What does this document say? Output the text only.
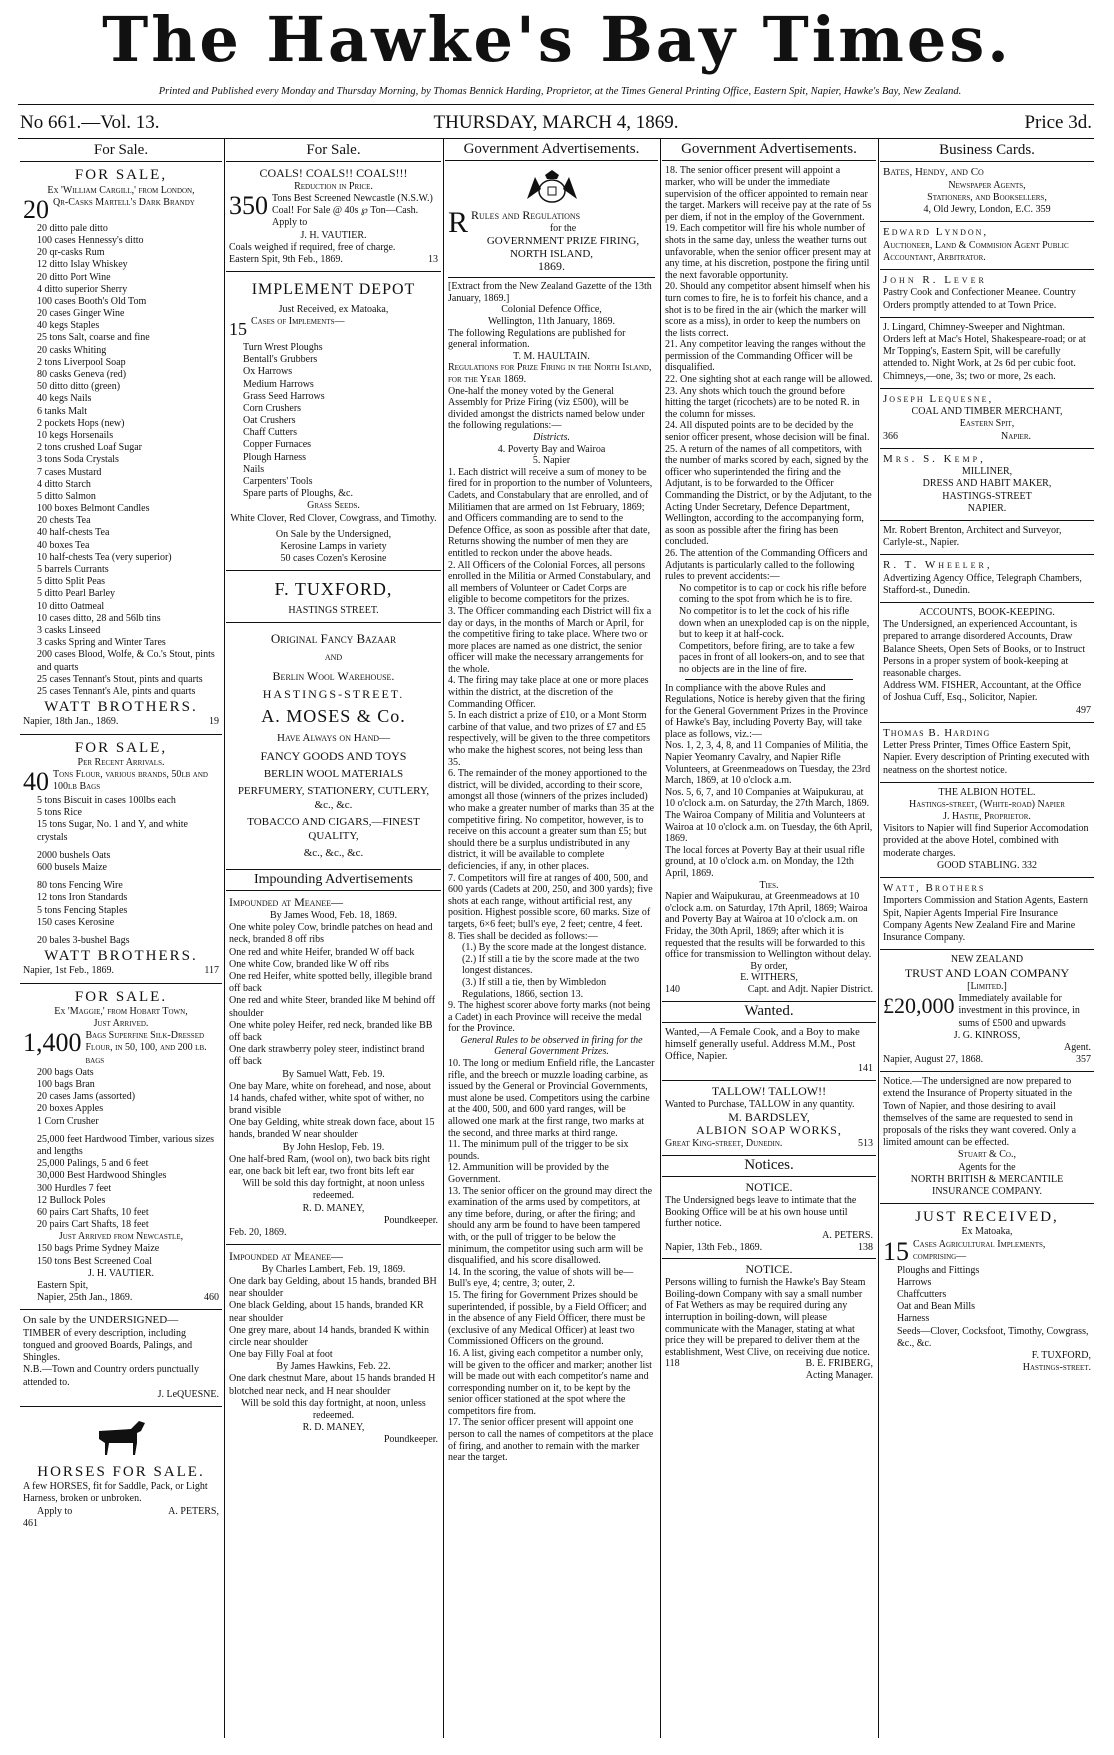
The Hawke's Bay Times.
Printed and Published every Monday and Thursday Morning, by Thomas Bennick Harding, Proprietor, at the Times General Printing Office, Eastern Spit, Napier, Hawke's Bay, New Zealand.
No 661.—Vol. 13.	THURSDAY, MARCH 4, 1869.	Price 3d.
For Sale.
FOR SALE,
Ex 'William Cargill,' from London,
20 Qr-Casks Martell's Dark Brandy
20 ditto pale ditto
100 cases Hennessy's ditto
20 qr-casks Rum
12 ditto Islay Whiskey
20 ditto Port Wine
4 ditto superior Sherry
100 cases Booth's Old Tom
20 cases Ginger Wine
40 kegs Staples
25 tons Salt, coarse and fine
20 casks Whiting
2 tons Liverpool Soap
80 casks Geneva (red)
50 ditto ditto (green)
40 kegs Nails
6 tanks Malt
2 pockets Hops (new)
10 kegs Horsenails
2 tons crushed Loaf Sugar
3 tons Soda Crystals
7 cases Mustard
4 ditto Starch
5 ditto Salmon
100 boxes Belmont Candles
20 chests Tea
40 half-chests Tea
40 boxes Tea
10 half-chests Tea (very superior)
5 barrels Currants
5 ditto Split Peas
5 ditto Pearl Barley
10 ditto Oatmeal
10 cases ditto, 28 and 56lb tins
3 casks Linseed
3 casks Spring and Winter Tares
200 cases Blood, Wolfe, & Co.'s Stout, pints and quarts
25 cases Tennant's Stout, pints and quarts
25 cases Tennant's Ale, pints and quarts
WATT BROTHERS.
Napier, 18th Jan., 1869.	19
FOR SALE,
Per Recent Arrivals.
40 Tons Flour, various brands, 50lb and 100lb Bags
5 tons Biscuit in cases 100lbs each
5 tons Rice
15 tons Sugar, No. 1 and Y, and white crystals
2000 bushels Oats
600 busels Maize
80 tons Fencing Wire
12 tons Iron Standards
5 tons Fencing Staples
150 cases Kerosine
20 bales 3-bushel Bags
WATT BROTHERS.
Napier, 1st Feb., 1869.	117
FOR SALE.
Ex 'Maggie,' from Hobart Town,
Just Arrived.
1,400 Bags Superfine Silk-Dressed Flour, in 50, 100, and 200 lb. bags
200 bags Oats
100 bags Bran
20 cases Jams (assorted)
20 boxes Apples
1 Corn Crusher
25,000 feet Hardwood Timber, various sizes and lengths
25,000 Palings, 5 and 6 feet
30,000 Best Hardwood Shingles
300 Hurdles 7 feet
12 Bullock Poles
60 pairs Cart Shafts, 10 feet
20 pairs Cart Shafts, 18 feet
Just Arrived from Newcastle,
150 bags Prime Sydney Maize
150 tons Best Screened Coal
J. H. VAUTIER.
Eastern Spit,
Napier, 25th Jan., 1869.	460
On sale by the UNDERSIGNED—
TIMBER of every description, including tongued and grooved Boards, Palings, and Shingles.
N.B.—Town and Country orders punctually attended to.
J. LeQUESNE.
HORSES FOR SALE.
A few HORSES, fit for Saddle, Pack, or Light Harness, broken or unbroken.
Apply to	A. PETERS,
461
For Sale.
COALS! COALS!! COALS!!!
Reduction in Price.
350 Tons Best Screened Newcastle (N.S.W.) Coal! For Sale @ 40s ℘ Ton—Cash. Apply to
J. H. VAUTIER.
Coals weighed if required, free of charge.
Eastern Spit, 9th Feb., 1869.	13
IMPLEMENT DEPOT
Just Received, ex Matoaka,
15 Cases of Implements—
Turn Wrest Ploughs
Bentall's Grubbers
Ox Harrows
Medium Harrows
Grass Seed Harrows
Corn Crushers
Oat Crushers
Chaff Cutters
Copper Furnaces
Plough Harness
Nails
Carpenters' Tools
Spare parts of Ploughs, &c.
Grass Seeds.
White Clover, Red Clover, Cowgrass, and Timothy.
On Sale by the Undersigned,
Kerosine Lamps in variety
50 cases Cozen's Kerosine
F. TUXFORD,
HASTINGS STREET.
Original Fancy Bazaar
and
Berlin Wool Warehouse.
HASTINGS-STREET.
A. MOSES & Co.
Have Always on Hand—
FANCY GOODS AND TOYS
BERLIN WOOL MATERIALS
PERFUMERY, STATIONERY, CUTLERY, &c., &c.
TOBACCO AND CIGARS,—FINEST QUALITY,
&c., &c., &c.
Impounding Advertisements
Impounded at Meanee—
By James Wood, Feb. 18, 1869.
One white poley Cow, brindle patches on head and neck, branded 8 off ribs
One red and white Heifer, branded W off back
One white Cow, branded like W off ribs
One red Heifer, white spotted belly, illegible brand off back
One red and white Steer, branded like M behind off shoulder
One white poley Heifer, red neck, branded like BB off back
One dark strawberry poley steer, indistinct brand off back
By Samuel Watt, Feb. 19.
One bay Mare, white on forehead, and nose, about 14 hands, chafed wither, white spot of wither, no brand visible
One bay Gelding, white streak down face, about 15 hands, branded W near shoulder
By John Heslop, Feb. 19.
One half-bred Ram, (wool on), two back bits right ear, one back bit left ear, two front bits left ear
Will be sold this day fortnight, at noon unless redeemed.
R. D. MANEY,
Poundkeeper.
Feb. 20, 1869.
Impounded at Meanee—
By Charles Lambert, Feb. 19, 1869.
One dark bay Gelding, about 15 hands, branded BH near shoulder
One black Gelding, about 15 hands, branded KR near shoulder
One grey mare, about 14 hands, branded K within circle near shoulder
One bay Filly Foal at foot
By James Hawkins, Feb. 22.
One dark chestnut Mare, about 15 hands branded H blotched near neck, and H near shoulder
Will be sold this day fortnight, at noon, unless redeemed.
R. D. MANEY,
Poundkeeper.
Government Advertisements.
R Rules and Regulations
for the
GOVERNMENT PRIZE FIRING,
NORTH ISLAND,
1869.
[Extract from the New Zealand Gazette of the 13th January, 1869.]
Colonial Defence Office,
Wellington, 11th January, 1869.
The following Regulations are published for general information.
T. M. HAULTAIN.
Regulations for Prize Firing in the North Island, for the Year 1869.
One-half the money voted by the General Assembly for Prize Firing (viz £500), will be divided amongst the districts named below under the following regulations:—
Districts.
4. Poverty Bay and Wairoa
5. Napier
1. Each district will receive a sum of money to be fired for in proportion to the number of Volunteers, Cadets, and Constabulary that are enrolled, and of Militiamen that are armed on 1st February, 1869; and Officers commanding are to send to the Defence Office, as soon as possible after that date, Returns showing the number of men they are entitled to reckon under the above heads.
2. All Officers of the Colonial Forces, all persons enrolled in the Militia or Armed Constabulary, and all members of Volunteer or Cadet Corps are eligible to become competitors for the prizes.
3. The Officer commanding each District will fix a day or days, in the months of March or April, for the competitive firing to take place. Where two or more places are named as one district, the senior officer will make the necessary arrangements for the whole.
4. The firing may take place at one or more places within the district, at the discretion of the Commanding Officer.
5. In each district a prize of £10, or a Mont Storm carbine of that value, and two prizes of £7 and £5 respectively, will be given to the three competitors who make the highest scores, not being less than 35.
6. The remainder of the money apportioned to the district, will be divided, according to their score, amongst all those (winners of the prizes included) who make a greater number of marks than 35 at the competitive firing. No competitor, however, is to receive on this account a greater sum than £5; but should there be a surplus undistributed in any district, it will be available to complete deficiencies, if any, in other places.
7. Competitors will fire at ranges of 400, 500, and 600 yards (Cadets at 200, 250, and 300 yards); five shots at each range, without artificial rest, any position. Highest possible score, 60 marks. Size of targets, 6×6 feet; bull's eye, 2 feet; centre, 4 feet.
8. Ties shall be decided as follows:—
(1.) By the score made at the longest distance.
(2.) If still a tie by the score made at the two longest distances.
(3.) If still a tie, then by Wimbledon Regulations, 1866, section 13.
9. The highest scorer above forty marks (not being a Cadet) in each Province will receive the medal for the Province.
General Rules to be observed in firing for the General Government Prizes.
10. The long or medium Enfield rifle, the Lancaster rifle, and the breech or muzzle loading carbine, as issued by the General or Provincial Governments, must alone be used. Competitors using the carbine at the 400, 500, and 600 yard ranges, will be allowed one mark at the first range, two marks at the second, and three marks at third range.
11. The minimum pull of the trigger to be six pounds.
12. Ammunition will be provided by the Government.
13. The senior officer on the ground may direct the examination of the arms used by competitors, at any time before, during, or after the firing; and should any arm be found to have been tampered with, or the pull of trigger to be below the minimum, the competitor using such arm will be disqualified, and his score disallowed.
14. In the scoring, the value of shots will be—Bull's eye, 4; centre, 3; outer, 2.
15. The firing for Government Prizes should be superintended, if possible, by a Field Officer; and in the absence of any Field Officer, there must be (exclusive of any Medical Officer) at least two Commissioned Officers on the ground.
16. A list, giving each competitor a number only, will be given to the officer and marker; another list will be made out with each competitor's name and corresponding number on it, to be kept by the senior officer stationed at the spot where the competitors fire from.
17. The senior officer present will appoint one person to call the names of competitors at the place of firing, and another to remain with the marker near the target.
Government Advertisements.
18. The senior officer present will appoint a marker, who will be under the immediate supervision of the officer appointed to remain near the target. Markers will receive pay at the rate of 5s per diem, if not in the employ of the Government.
19. Each competitor will fire his whole number of shots in the same day, unless the weather turns out unfavorable, when the senior officer present may at any time, at his discretion, postpone the firing until the next favorable opportunity.
20. Should any competitor absent himself when his turn comes to fire, he is to forfeit his chance, and a shot is to be fired in the air (which the marker will score as a miss), in order to keep the numbers on the lists correct.
21. Any competitor leaving the ranges without the permission of the Commanding Officer will be disqualified.
22. One sighting shot at each range will be allowed.
23. Any shots which touch the ground before hitting the target (ricochets) are to be noted R. in the column for misses.
24. All disputed points are to be decided by the senior officer present, whose decision will be final.
25. A return of the names of all competitors, with the number of marks scored by each, signed by the officer who superintended the firing and the Adjutant, is to be forwarded to the Officer Commanding the District, or by the Adjutant, to the Acting Under Secretary, Defence Department, Wellington, according to the accompanying form, as soon as possible after the firing has been concluded.
26. The attention of the Commanding Officers and Adjutants is particularly called to the following rules to prevent accidents:—
No competitor is to cap or cock his rifle before coming to the spot from which he is to fire.
No competitor is to let the cock of his rifle down when an unexploded cap is on the nipple, but to keep it at half-cock.
Competitors, before firing, are to take a few paces in front of all lookers-on, and to see that no objects are in the line of fire.
In compliance with the above Rules and Regulations, Notice is hereby given that the firing for the General Government Prizes in the Province of Hawke's Bay, including Poverty Bay, will take place as follows, viz.:—
Nos. 1, 2, 3, 4, 8, and 11 Companies of Militia, the Napier Yeomanry Cavalry, and Napier Rifle Volunteers, at Greenmeadows on Tuesday, the 23rd March, 1869, at 10 o'clock a.m.
Nos. 5, 6, 7, and 10 Companies at Waipukurau, at 10 o'clock a.m. on Saturday, the 27th March, 1869.
The Wairoa Company of Militia and Volunteers at Wairoa at 10 o'clock a.m. on Tuesday, the 6th April, 1869.
The local forces at Poverty Bay at their usual rifle ground, at 10 o'clock a.m. on Monday, the 12th April, 1869.
Ties.
Napier and Waipukurau, at Greenmeadows at 10 o'clock a.m. on Saturday, 17th April, 1869; Wairoa and Poverty Bay at Wairoa at 10 o'clock a.m. on Friday, the 30th April, 1869; after which it is requested that the results will be forwarded to this office for transmission to Wellington without delay.
By order,
E. WITHERS,
140	Capt. and Adjt. Napier District.
Wanted.
Wanted,—A Female Cook, and a Boy to make himself generally useful. Address M.M., Post Office, Napier.
141
TALLOW! TALLOW!!
Wanted to Purchase, TALLOW in any quantity.
M. BARDSLEY,
ALBION SOAP WORKS,
Great King-street, Dunedin.	513
Notices.
NOTICE.
The Undersigned begs leave to intimate that the Booking Office will be at his own house until further notice.
A. PETERS.
Napier, 13th Feb., 1869.	138
NOTICE.
Persons willing to furnish the Hawke's Bay Steam Boiling-down Company with say a small number of Fat Wethers as may be required during any interruption in boiling-down, will please communicate with the Manager, stating at what price they will be prepared to deliver them at the establishment, West Clive, on receiving due notice.
118	B. E. FRIBERG,
Acting Manager.
Business Cards.
Bates, Hendy, and Co
Newspaper Agents,
Stationers, and Booksellers,
4, Old Jewry, London, E.C. 359
Edward Lyndon,
Auctioneer, Land & Commision Agent Public Accountant, Arbitrator.
John R. Lever
Pastry Cook and Confectioner Meanee. Country Orders promptly attended to at Town Price.
J. Lingard, Chimney-Sweeper and Nightman. Orders left at Mac's Hotel, Shakespeare-road; or at Mr Topping's, Eastern Spit, will be carefully attended to. Night Work, at 2s 6d per cubic foot. Chimneys,—one, 3s; two or more, 2s each.
Joseph Lequesne,
COAL AND TIMBER MERCHANT,
Eastern Spit,
366	Napier.
Mrs. S. Kemp,
MILLINER,
DRESS AND HABIT MAKER,
HASTINGS-STREET
NAPIER.
Mr. Robert Brenton, Architect and Surveyor, Carlyle-st., Napier.
R. T. Wheeler,
Advertizing Agency Office, Telegraph Chambers, Stafford-st., Dunedin.
ACCOUNTS, BOOK-KEEPING.
The Undersigned, an experienced Accountant, is prepared to arrange disordered Accounts, Draw Balance Sheets, Open Sets of Books, or to Instruct Persons in a proper system of book-keeping at reasonable charges.
Address WM. FISHER, Accountant, at the Office of Joshua Cuff, Esq., Solicitor, Napier.
497
Thomas B. Harding
Letter Press Printer, Times Office Eastern Spit, Napier. Every description of Printing executed with neatness on the shortest notice.
THE ALBION HOTEL.
Hastings-street, (White-road) Napier
J. Hastie, Proprietor.
Visitors to Napier will find Superior Accomodation provided at the above Hotel, combined with moderate charges.
GOOD STABLING. 332
Watt, Brothers
Importers Commission and Station Agents, Eastern Spit, Napier Agents Imperial Fire Insurance Company Agents New Zealand Fire and Marine Insurance Company.
NEW ZEALAND
TRUST AND LOAN COMPANY
[Limited.]
£20,000 Immediately available for investment in this province, in sums of £500 and upwards
J. G. KINROSS,
Agent.
Napier, August 27, 1868.	357
Notice.—The undersigned are now prepared to extend the Insurance of Property situated in the Town of Napier, and those desiring to avail themselves of the same are requested to send in proposals of the risks they want covered. Only a limited amount can be effected.
Stuart & Co.,
Agents for the
NORTH BRITISH & MERCANTILE
INSURANCE COMPANY.
JUST RECEIVED,
Ex Matoaka,
15 Cases Agricultural Implements, comprising—
Ploughs and Fittings
Harrows
Chaffcutters
Oat and Bean Mills
Harness
Seeds—Clover, Cocksfoot, Timothy, Cowgrass, &c., &c.
F. TUXFORD,
Hastings-street.
